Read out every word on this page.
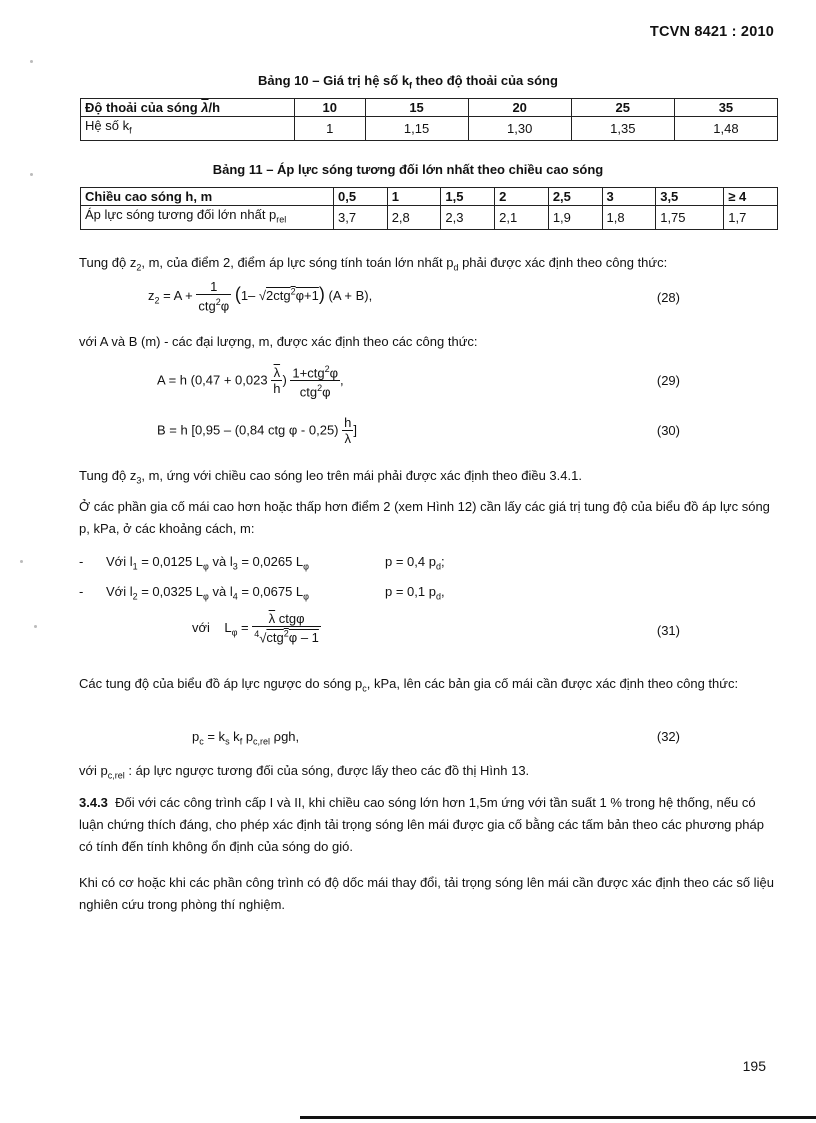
TCVN 8421 : 2010
Bảng 10 – Giá trị hệ số $k_f$ theo độ thoải của sóng
Độ thoải của sóng $\overline{\lambda}/h$	10	15	20	25	35
Hệ số $k_f$	1	1,15	1,30	1,35	1,48
Bảng 11 – Áp lực sóng tương đối lớn nhất theo chiều cao sóng
Chiều cao sóng h, m	0,5	1	1,5	2	2,5	3	3,5	≥ 4
Áp lực sóng tương đối lớn nhất $p_{rel}$	3,7	2,8	2,3	2,1	1,9	1,8	1,75	1,7
Tung độ $z_2$, m, của điểm 2, điểm áp lực sóng tính toán lớn nhất $p_d$ phải được xác định theo công thức:
$z_2 = A + \frac{1}{ctg^2\varphi} (1-$ √2ctg$^2$φ+1) (A + B),	(28)
với A và B (m) - các đại lượng, m, được xác định theo các công thức:
A = h ($0,47 + 0,023 \frac{\overline{\lambda}}{h}$ ) $\frac{1+ctg^2\varphi}{ctg^2\varphi}$ ,	(29)
B = h [0,95 – (0,84 ctg φ - $0,25) \frac{h}{\lambda}$ ]	(30)
Tung độ $z_3$, m, ứng với chiều cao sóng leo trên mái phải được xác định theo điều 3.4.1.
Ở các phần gia cố mái cao hơn hoặc thấp hơn điểm 2 (xem Hình 12) cần lấy các giá trị tung độ của biểu đồ áp lực sóng p, kPa, ở các khoảng cách, m:
- Với $l_1 = 0,0125$ $L_\varphi$ và $l_3 = 0,0265$ $L_\varphi$	p = 0,4 $p_d$;
- Với $l_2 = 0,0325$ $L_\varphi$ và $l_4 = 0,0675$ $L_\varphi$	p = 0,1 $p_d$,
với    $L_\varphi = \frac{\overline{\lambda} ctg\varphi}{^4√ctg^2\varphi - 1}$	(31)
Các tung độ của biểu đồ áp lực ngược do sóng $p_c$, kPa, lên các bản gia cố mái cần được xác định theo công thức:
$p_c = k_s$ $k_f$ $p_{c,rel}$ ρgh,	(32)
với $p_{c,rel}$ : áp lực ngược tương đối của sóng, được lấy theo các đồ thị Hình 13.
3.4.3 Đối với các công trình cấp I và II, khi chiều cao sóng lớn hơn 1,5m ứng với tần suất 1 % trong hệ thống, nếu có luận chứng thích đáng, cho phép xác định tải trọng sóng lên mái được gia cố bằng các tấm bản theo các phương pháp có tính đến tính không ổn định của sóng do gió.
Khi có cơ hoặc khi các phần công trình có độ dốc mái thay đổi, tải trọng sóng lên mái cần được xác định theo các số liệu nghiên cứu trong phòng thí nghiệm.
195
